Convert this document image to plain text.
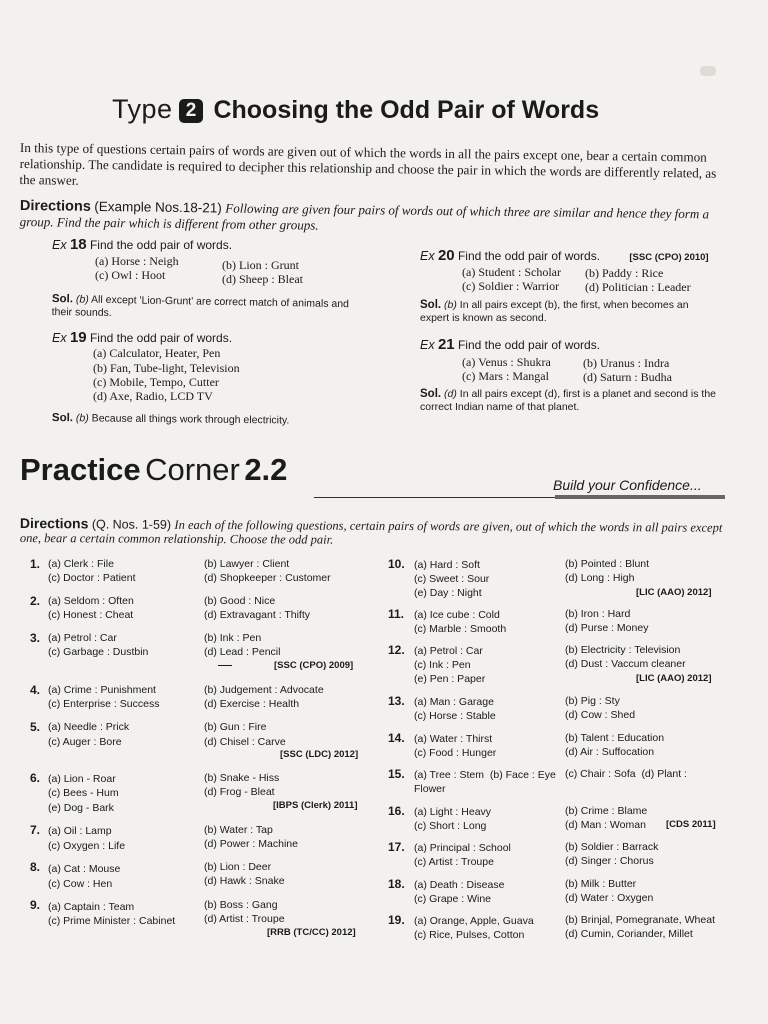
Type 2 Choosing the Odd Pair of Words
In this type of questions certain pairs of words are given out of which the words in all the pairs except one, bear a certain common relationship. The candidate is required to decipher this relationship and choose the pair in which the words are differently related, as the answer.
Directions (Example Nos.18-21) Following are given four pairs of words out of which three are similar and hence they form a group. Find the pair which is different from other groups.
Ex 18 Find the odd pair of words.
(a) Horse : Neigh	(b) Lion : Grunt
(c) Owl : Hoot	(d) Sheep : Bleat
Sol. (b) All except 'Lion-Grunt' are correct match of animals and their sounds.
Ex 19 Find the odd pair of words.
(a) Calculator, Heater, Pen
(b) Fan, Tube-light, Television
(c) Mobile, Tempo, Cutter
(d) Axe, Radio, LCD TV
Sol. (b) Because all things work through electricity.
Ex 20 Find the odd pair of words.	[SSC (CPO) 2010]
(a) Student : Scholar (b) Paddy : Rice
(c) Soldier : Warrior (d) Politician : Leader
Sol. (b) In all pairs except (b), the first, when becomes an expert is known as second.
Ex 21 Find the odd pair of words.
(a) Venus : Shukra	(b) Uranus : Indra
(c) Mars : Mangal	(d) Saturn : Budha
Sol. (d) In all pairs except (d), first is a planet and second is the correct Indian name of that planet.
Practice Corner 2.2	Build your Confidence...
Directions (Q. Nos. 1-59) In each of the following questions, certain pairs of words are given, out of which the words in all pairs except one, bear a certain common relationship. Choose the odd pair.
1. (a) Clerk : File	(b) Lawyer : Client
(c) Doctor : Patient	(d) Shopkeeper : Customer
2. (a) Seldom : Often	(b) Good : Nice
(c) Honest : Cheat	(d) Extravagant : Thifty
3. (a) Petrol : Car	(b) Ink : Pen
(c) Garbage : Dustbin	(d) Lead : Pencil
[SSC (CPO) 2009]
4. (a) Crime : Punishment	(b) Judgement : Advocate
(c) Enterprise : Success	(d) Exercise : Health
5. (a) Needle : Prick	(b) Gun : Fire
(c) Auger : Bore	(d) Chisel : Carve
[SSC (LDC) 2012]
6. (a) Lion - Roar	(b) Snake - Hiss
(c) Bees - Hum	(d) Frog - Bleat
(e) Dog - Bark	[IBPS (Clerk) 2011]
7. (a) Oil : Lamp	(b) Water : Tap
(c) Oxygen : Life	(d) Power : Machine
8. (a) Cat : Mouse	(b) Lion : Deer
(c) Cow : Hen	(d) Hawk : Snake
9. (a) Captain : Team	(b) Boss : Gang
(c) Prime Minister : Cabinet	(d) Artist : Troupe
[RRB (TC/CC) 2012]
10. (a) Hard : Soft	(b) Pointed : Blunt
(c) Sweet : Sour	(d) Long : High
(e) Day : Night	[LIC (AAO) 2012]
11. (a) Ice cube : Cold	(b) Iron : Hard
(c) Marble : Smooth	(d) Purse : Money
12. (a) Petrol : Car	(b) Electricity : Television
(c) Ink : Pen	(d) Dust : Vaccum cleaner
(e) Pen : Paper	[LIC (AAO) 2012]
13. (a) Man : Garage	(b) Pig : Sty
(c) Horse : Stable	(d) Cow : Shed
14. (a) Water : Thirst	(b) Talent : Education
(c) Food : Hunger	(d) Air : Suffocation
15. (a) Tree : Stem  (b) Face : Eye (c) Chair : Sofa  (d) Plant :
Flower
16. (a) Light : Heavy	(b) Crime : Blame
(c) Short : Long	(d) Man : Woman [CDS 2011]
17. (a) Principal : School	(b) Soldier : Barrack
(c) Artist : Troupe	(d) Singer : Chorus
18. (a) Death : Disease	(b) Milk : Butter
(c) Grape : Wine	(d) Water : Oxygen
19. (a) Orange, Apple, Guava	(b) Brinjal, Pomegranate, Wheat
(c) Rice, Pulses, Cotton	(d) Cumin, Coriander, Millet
